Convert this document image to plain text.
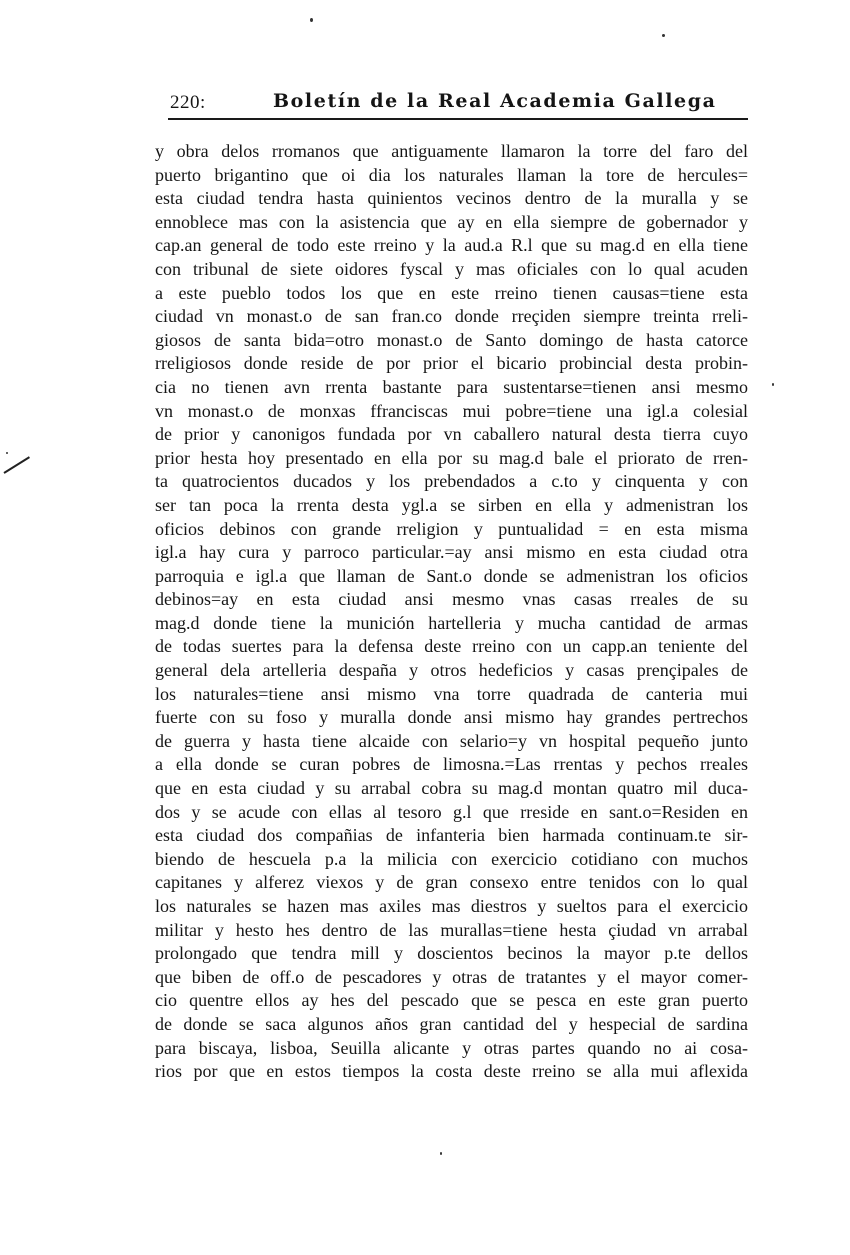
220:	Boletín de la Real Academia Gallega
y obra delos rromanos que antiguamente llamaron la torre del faro del
puerto brigantino que oi dia los naturales llaman la tore de hercules=
esta ciudad tendra hasta quinientos vecinos dentro de la muralla y se
ennoblece mas con la asistencia que ay en ella siempre de gobernador y
cap.an general de todo este rreino y la aud.a R.l que su mag.d en ella tiene
con tribunal de siete oidores fyscal y mas oficiales con lo qual acuden
a este pueblo todos los que en este rreino tienen causas=tiene esta
ciudad vn monast.o de san fran.co donde rreçiden siempre treinta rreli-
giosos de santa bida=otro monast.o de Santo domingo de hasta catorce
rreligiosos donde reside de por prior el bicario probincial desta probin-
cia no tienen avn rrenta bastante para sustentarse=tienen ansi mesmo
vn monast.o de monxas ffranciscas mui pobre=tiene una igl.a colesial
de prior y canonigos fundada por vn caballero natural desta tierra cuyo
prior hesta hoy presentado en ella por su mag.d bale el priorato de rren-
ta quatrocientos ducados y los prebendados a c.to y cinquenta y con
ser tan poca la rrenta desta ygl.a se sirben en ella y admenistran los
oficios debinos con grande rreligion y puntualidad = en esta misma
igl.a hay cura y parroco particular.=ay ansi mismo en esta ciudad otra
parroquia e igl.a que llaman de Sant.o donde se admenistran los oficios
debinos=ay en esta ciudad ansi mesmo vnas casas rreales de su
mag.d donde tiene la munición hartelleria y mucha cantidad de armas
de todas suertes para la defensa deste rreino con un capp.an teniente del
general dela artelleria despaña y otros hedeficios y casas prençipales de
los naturales=tiene ansi mismo vna torre quadrada de canteria mui
fuerte con su foso y muralla donde ansi mismo hay grandes pertrechos
de guerra y hasta tiene alcaide con selario=y vn hospital pequeño junto
a ella donde se curan pobres de limosna.=Las rrentas y pechos rreales
que en esta ciudad y su arrabal cobra su mag.d montan quatro mil duca-
dos y se acude con ellas al tesoro g.l que rreside en sant.o=Residen en
esta ciudad dos compañias de infanteria bien harmada continuam.te sir-
biendo de hescuela p.a la milicia con exercicio cotidiano con muchos
capitanes y alferez viexos y de gran consexo entre tenidos con lo qual
los naturales se hazen mas axiles mas diestros y sueltos para el exercicio
militar y hesto hes dentro de las murallas=tiene hesta çiudad vn arrabal
prolongado que tendra mill y doscientos becinos la mayor p.te dellos
que biben de off.o de pescadores y otras de tratantes y el mayor comer-
cio quentre ellos ay hes del pescado que se pesca en este gran puerto
de donde se saca algunos años gran cantidad del y hespecial de sardina
para biscaya, lisboa, Seuilla alicante y otras partes quando no ai cosa-
rios por que en estos tiempos la costa deste rreino se alla mui aflexida
